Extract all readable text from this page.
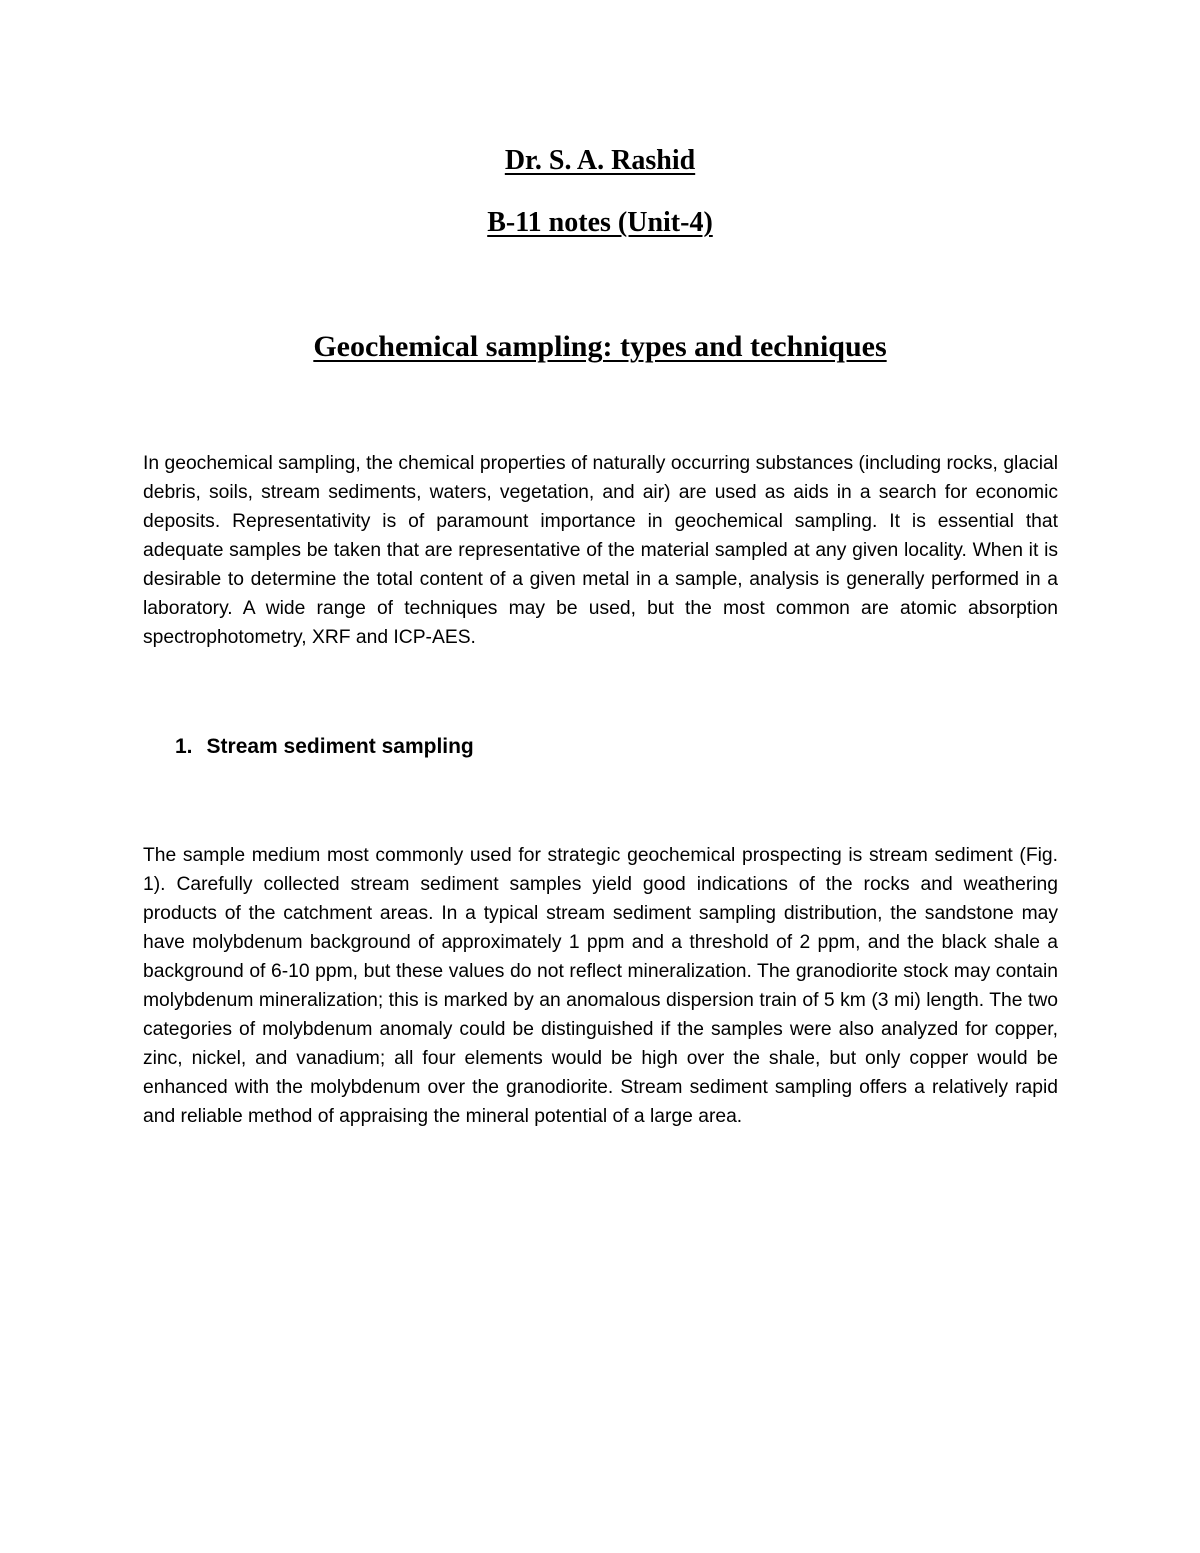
Dr. S. A. Rashid
B-11 notes (Unit-4)
Geochemical sampling: types and techniques

In geochemical sampling, the chemical properties of naturally occurring substances (including rocks, glacial debris, soils, stream sediments, waters, vegetation, and air) are used as aids in a search for economic deposits. Representativity is of paramount importance in geochemical sampling. It is essential that adequate samples be taken that are representative of the material sampled at any given locality. When it is desirable to determine the total content of a given metal in a sample, analysis is generally performed in a laboratory. A wide range of techniques may be used, but the most common are atomic absorption spectrophotometry, XRF and ICP-AES.

1. Stream sediment sampling

The sample medium most commonly used for strategic geochemical prospecting is stream sediment (Fig. 1). Carefully collected stream sediment samples yield good indications of the rocks and weathering products of the catchment areas. In a typical stream sediment sampling distribution, the sandstone may have molybdenum background of approximately 1 ppm and a threshold of 2 ppm, and the black shale a background of 6-10 ppm, but these values do not reflect mineralization. The granodiorite stock may contain molybdenum mineralization; this is marked by an anomalous dispersion train of 5 km (3 mi) length. The two categories of molybdenum anomaly could be distinguished if the samples were also analyzed for copper, zinc, nickel, and vanadium; all four elements would be high over the shale, but only copper would be enhanced with the molybdenum over the granodiorite. Stream sediment sampling offers a relatively rapid and reliable method of appraising the mineral potential of a large area.
